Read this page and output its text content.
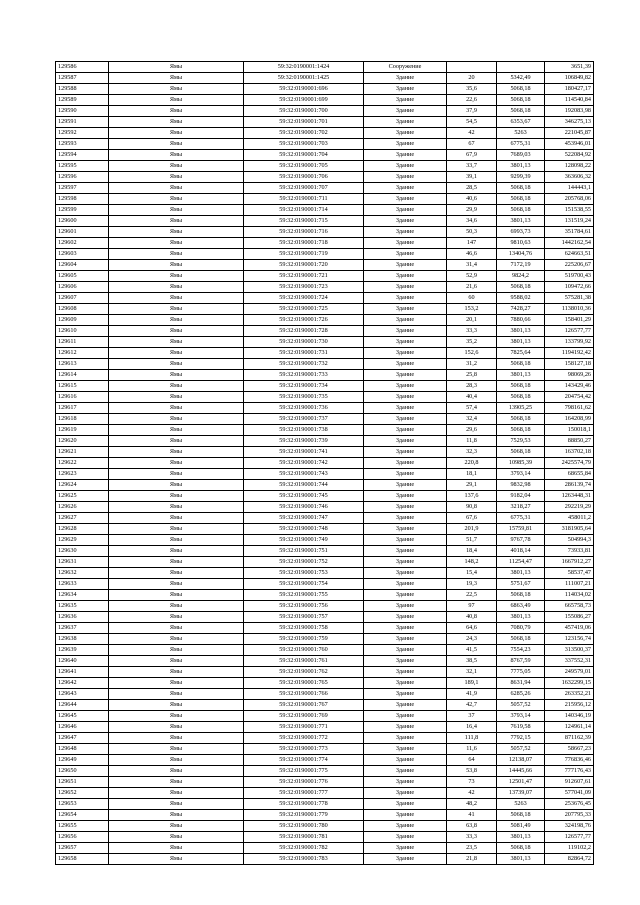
129586	Ямы	59:32:0190001:1424	Сооружение			3651,39
129587	Ямы	59:32:0190001:1425	Здание	20	5342,49	106849,82
129588	Ямы	59:32:0190001:696	Здание	35,6	5068,18	180427,17
129589	Ямы	59:32:0190001:699	Здание	22,6	5068,18	114540,84
129590	Ямы	59:32:0190001:700	Здание	37,9	5068,18	192083,98
129591	Ямы	59:32:0190001:701	Здание	54,5	6353,67	346275,13
129592	Ямы	59:32:0190001:702	Здание	42	5263	221045,87
129593	Ямы	59:32:0190001:703	Здание	67	6775,31	453946,01
129594	Ямы	59:32:0190001:704	Здание	67,9	7689,03	522084,92
129595	Ямы	59:32:0190001:705	Здание	33,7	3801,13	128098,22
129596	Ямы	59:32:0190001:706	Здание	39,1	9299,39	363606,32
129597	Ямы	59:32:0190001:707	Здание	28,5	5068,18	144443,1
129598	Ямы	59:32:0190001:711	Здание	40,6	5068,18	205768,06
129599	Ямы	59:32:0190001:714	Здание	29,9	5068,18	151538,55
129600	Ямы	59:32:0190001:715	Здание	34,6	3801,13	131519,24
129601	Ямы	59:32:0190001:716	Здание	50,3	6993,73	351784,61
129602	Ямы	59:32:0190001:718	Здание	147	9810,63	1442162,54
129603	Ямы	59:32:0190001:719	Здание	46,6	13404,76	624663,51
129604	Ямы	59:32:0190001:720	Здание	31,4	7172,19	225206,67
129605	Ямы	59:32:0190001:721	Здание	52,9	9824,2	519700,43
129606	Ямы	59:32:0190001:723	Здание	21,6	5068,18	109472,66
129607	Ямы	59:32:0190001:724	Здание	60	9588,02	575281,38
129608	Ямы	59:32:0190001:725	Здание	153,2	7428,27	1138010,36
129609	Ямы	59:32:0190001:726	Здание	20,1	7880,66	158401,29
129610	Ямы	59:32:0190001:728	Здание	33,3	3801,13	126577,77
129611	Ямы	59:32:0190001:730	Здание	35,2	3801,13	133799,92
129612	Ямы	59:32:0190001:731	Здание	152,6	7825,64	1194192,42
129613	Ямы	59:32:0190001:732	Здание	31,2	5068,18	158127,18
129614	Ямы	59:32:0190001:733	Здание	25,8	3801,13	98069,26
129615	Ямы	59:32:0190001:734	Здание	28,3	5068,18	143429,46
129616	Ямы	59:32:0190001:735	Здание	40,4	5068,18	204754,42
129617	Ямы	59:32:0190001:736	Здание	57,4	13905,25	798161,62
129618	Ямы	59:32:0190001:737	Здание	32,4	5068,18	164208,99
129619	Ямы	59:32:0190001:738	Здание	29,6	5068,18	150018,1
129620	Ямы	59:32:0190001:739	Здание	11,8	7529,53	88850,27
129621	Ямы	59:32:0190001:741	Здание	32,3	5068,18	163702,18
129622	Ямы	59:32:0190001:742	Здание	220,8	10985,39	2425574,79
129623	Ямы	59:32:0190001:743	Здание	18,1	3793,14	68655,84
129624	Ямы	59:32:0190001:744	Здание	29,1	9832,98	286139,74
129625	Ямы	59:32:0190001:745	Здание	137,6	9182,04	1263448,31
129626	Ямы	59:32:0190001:746	Здание	90,8	3218,27	292219,29
129627	Ямы	59:32:0190001:747	Здание	67,6	6775,31	458011,2
129628	Ямы	59:32:0190001:748	Здание	201,9	15759,81	3181905,64
129629	Ямы	59:32:0190001:749	Здание	51,7	9767,78	504994,3
129630	Ямы	59:32:0190001:751	Здание	18,4	4018,14	73933,81
129631	Ямы	59:32:0190001:752	Здание	148,2	11254,47	1667912,27
129632	Ямы	59:32:0190001:753	Здание	15,4	3801,13	58537,47
129633	Ямы	59:32:0190001:754	Здание	19,3	5751,67	111007,21
129634	Ямы	59:32:0190001:755	Здание	22,5	5068,18	114034,02
129635	Ямы	59:32:0190001:756	Здание	97	6863,49	665758,73
129636	Ямы	59:32:0190001:757	Здание	40,8	3801,13	155086,27
129637	Ямы	59:32:0190001:758	Здание	64,6	7080,79	457419,06
129638	Ямы	59:32:0190001:759	Здание	24,3	5068,18	123156,74
129639	Ямы	59:32:0190001:760	Здание	41,5	7554,23	313500,37
129640	Ямы	59:32:0190001:761	Здание	38,5	8767,59	337552,31
129641	Ямы	59:32:0190001:762	Здание	32,1	7775,05	249579,01
129642	Ямы	59:32:0190001:765	Здание	189,1	8631,94	1632299,15
129643	Ямы	59:32:0190001:766	Здание	41,9	6285,26	263352,21
129644	Ямы	59:32:0190001:767	Здание	42,7	5057,52	215956,12
129645	Ямы	59:32:0190001:769	Здание	37	3793,14	140346,19
129646	Ямы	59:32:0190001:771	Здание	16,4	7619,58	124961,14
129647	Ямы	59:32:0190001:772	Здание	111,8	7792,15	871162,39
129648	Ямы	59:32:0190001:773	Здание	11,6	5057,52	58667,23
129649	Ямы	59:32:0190001:774	Здание	64	12138,07	776836,46
129650	Ямы	59:32:0190001:775	Здание	53,8	14445,66	777176,43
129651	Ямы	59:32:0190001:776	Здание	73	12501,47	912607,61
129652	Ямы	59:32:0190001:777	Здание	42	13739,07	577041,09
129653	Ямы	59:32:0190001:778	Здание	48,2	5263	253676,45
129654	Ямы	59:32:0190001:779	Здание	41	5068,18	207795,33
129655	Ямы	59:32:0190001:780	Здание	63,8	5081,49	324198,76
129656	Ямы	59:32:0190001:781	Здание	33,3	3801,13	126577,77
129657	Ямы	59:32:0190001:782	Здание	23,5	5068,18	119102,2
129658	Ямы	59:32:0190001:783	Здание	21,8	3801,13	82864,72
